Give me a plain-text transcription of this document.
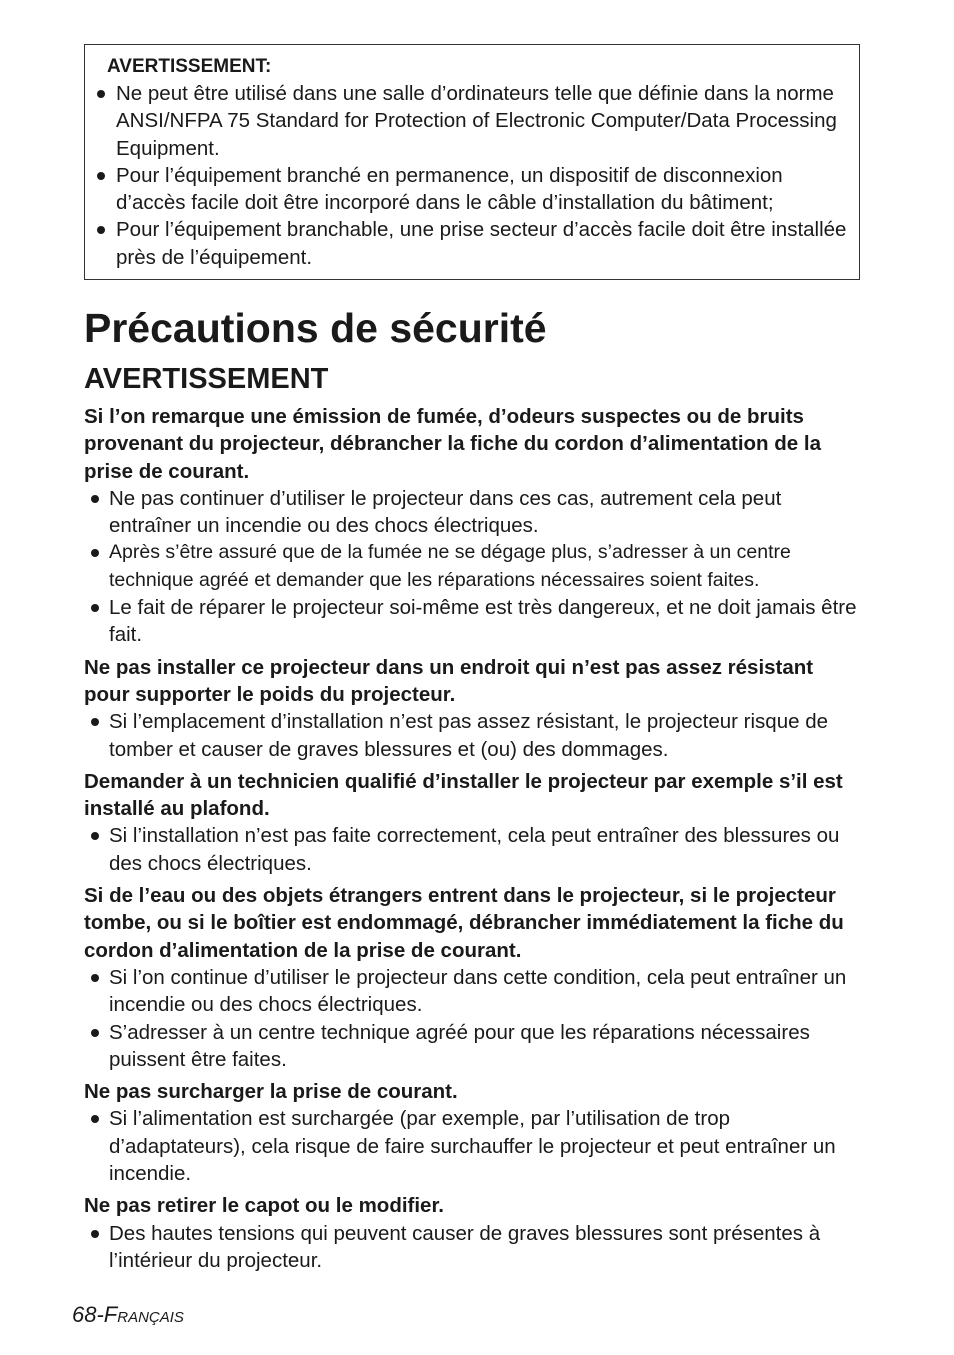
AVERTISSEMENT:
Ne peut être utilisé dans une salle d’ordinateurs telle que définie dans la norme ANSI/NFPA 75 Standard for Protection of Electronic Computer/Data Processing Equipment.
Pour l’équipement branché en permanence, un dispositif de disconnexion d’accès facile doit être incorporé dans le câble d’installation du bâtiment;
Pour l’équipement branchable, une prise secteur d’accès facile doit être installée près de l’équipement.
Précautions de sécurité
AVERTISSEMENT
Si l’on remarque une émission de fumée, d’odeurs suspectes ou de bruits provenant du projecteur, débrancher la fiche du cordon d’alimentation de la prise de courant.
Ne pas continuer d’utiliser le projecteur dans ces cas, autrement cela peut entraîner un incendie ou des chocs électriques.
Après s’être assuré que de la fumée ne se dégage plus, s’adresser à un centre technique agréé et demander que les réparations nécessaires soient faites.
Le fait de réparer le projecteur soi-même est très dangereux, et ne doit jamais être fait.
Ne pas installer ce projecteur dans un endroit qui n’est pas assez résistant pour supporter le poids du projecteur.
Si l’emplacement d’installation n’est pas assez résistant, le projecteur risque de tomber et causer de graves blessures et (ou) des dommages.
Demander à un technicien qualifié d’installer le projecteur par exemple s’il est installé au plafond.
Si l’installation n’est pas faite correctement, cela peut entraîner des blessures ou des chocs électriques.
Si de l’eau ou des objets étrangers entrent dans le projecteur, si le projecteur tombe, ou si le boîtier est endommagé, débrancher immédiatement la fiche du cordon d’alimentation de la prise de courant.
Si l’on continue d’utiliser le projecteur dans cette condition, cela peut entraîner un incendie ou des chocs électriques.
S’adresser à un centre technique agréé pour que les réparations nécessaires puissent être faites.
Ne pas surcharger la prise de courant.
Si l’alimentation est surchargée (par exemple, par l’utilisation de trop d’adaptateurs), cela risque de faire surchauffer le projecteur et peut entraîner un incendie.
Ne pas retirer le capot ou le modifier.
Des hautes tensions qui peuvent causer de graves blessures sont présentes à l’intérieur du projecteur.
68-Français
